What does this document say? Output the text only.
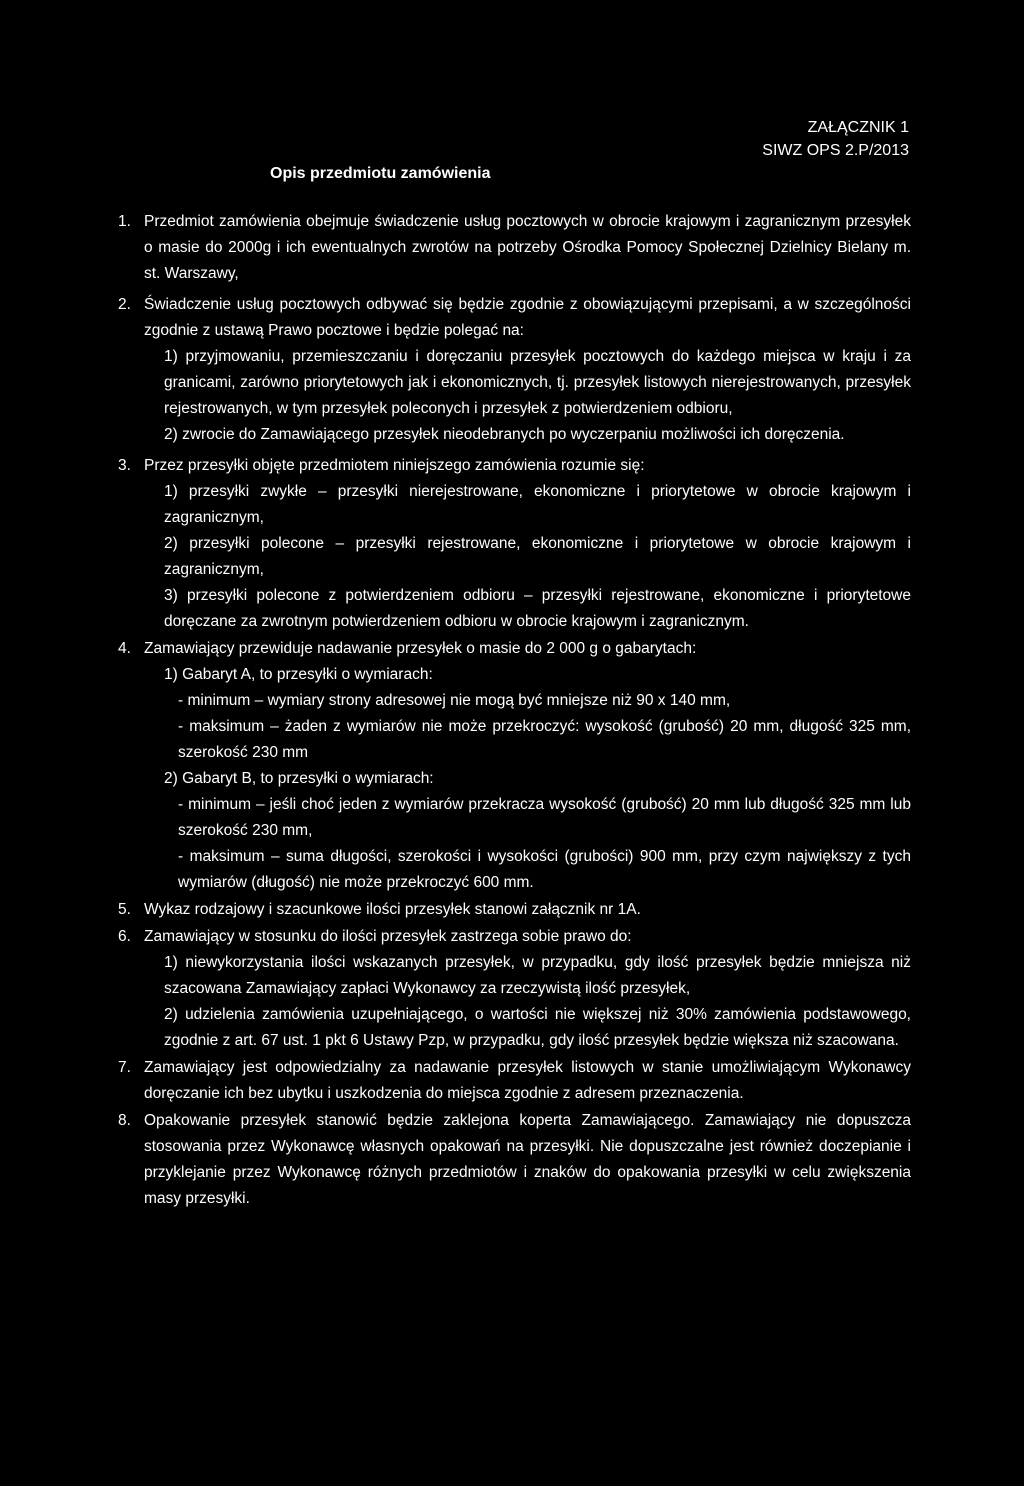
ZAŁĄCZNIK 1
SIWZ OPS 2.P/2013
Opis przedmiotu zamówienia
1. Przedmiot zamówienia obejmuje świadczenie usług pocztowych w obrocie krajowym i zagranicznym przesyłek o masie do 2000g i ich ewentualnych zwrotów na potrzeby Ośrodka Pomocy Społecznej Dzielnicy Bielany m. st. Warszawy,
2. Świadczenie usług pocztowych odbywać się będzie zgodnie z obowiązującymi przepisami, a w szczególności zgodnie z ustawą Prawo pocztowe i będzie polegać na:
1) przyjmowaniu, przemieszczaniu i doręczaniu przesyłek pocztowych do każdego miejsca w kraju i za granicami, zarówno priorytetowych jak i ekonomicznych, tj. przesyłek listowych nierejestrowanych, przesyłek rejestrowanych, w tym przesyłek poleconych i przesyłek z potwierdzeniem odbioru,
2) zwrocie do Zamawiającego przesyłek nieodebranych po wyczerpaniu możliwości ich doręczenia.
3. Przez przesyłki objęte przedmiotem niniejszego zamówienia rozumie się:
1) przesyłki zwykłe – przesyłki nierejestrowane, ekonomiczne i priorytetowe w obrocie krajowym i zagranicznym,
2) przesyłki polecone – przesyłki rejestrowane, ekonomiczne i priorytetowe w obrocie krajowym i zagranicznym,
3) przesyłki polecone z potwierdzeniem odbioru – przesyłki rejestrowane, ekonomiczne i priorytetowe doręczane za zwrotnym potwierdzeniem odbioru w obrocie krajowym i zagranicznym.
4. Zamawiający przewiduje nadawanie przesyłek o masie do 2 000 g o gabarytach:
1) Gabaryt A, to przesyłki o wymiarach:
- minimum – wymiary strony adresowej nie mogą być mniejsze niż 90 x 140 mm,
- maksimum – żaden z wymiarów nie może przekroczyć: wysokość (grubość) 20 mm, długość 325 mm, szerokość 230 mm
2) Gabaryt B, to przesyłki o wymiarach:
- minimum – jeśli choć jeden z wymiarów przekracza wysokość (grubość) 20 mm lub długość 325 mm lub szerokość 230 mm,
- maksimum – suma długości, szerokości i wysokości (grubości) 900 mm, przy czym największy z tych wymiarów (długość) nie może przekroczyć 600 mm.
5. Wykaz rodzajowy i szacunkowe ilości przesyłek stanowi załącznik nr 1A.
6. Zamawiający w stosunku do ilości przesyłek zastrzega sobie prawo do:
1) niewykorzystania ilości wskazanych przesyłek, w przypadku, gdy ilość przesyłek będzie mniejsza niż szacowana Zamawiający zapłaci Wykonawcy za rzeczywistą ilość przesyłek,
2) udzielenia zamówienia uzupełniającego, o wartości nie większej niż 30% zamówienia podstawowego, zgodnie z art. 67 ust. 1 pkt 6 Ustawy Pzp, w przypadku, gdy ilość przesyłek będzie większa niż szacowana.
7. Zamawiający jest odpowiedzialny za nadawanie przesyłek listowych w stanie umożliwiającym Wykonawcy doręczanie ich bez ubytku i uszkodzenia do miejsca zgodnie z adresem przeznaczenia.
8. Opakowanie przesyłek stanowić będzie zaklejona koperta Zamawiającego. Zamawiający nie dopuszcza stosowania przez Wykonawcę własnych opakowań na przesyłki. Nie dopuszczalne jest również doczepianie i przyklejanie przez Wykonawcę różnych przedmiotów i znaków do opakowania przesyłki w celu zwiększenia masy przesyłki.
